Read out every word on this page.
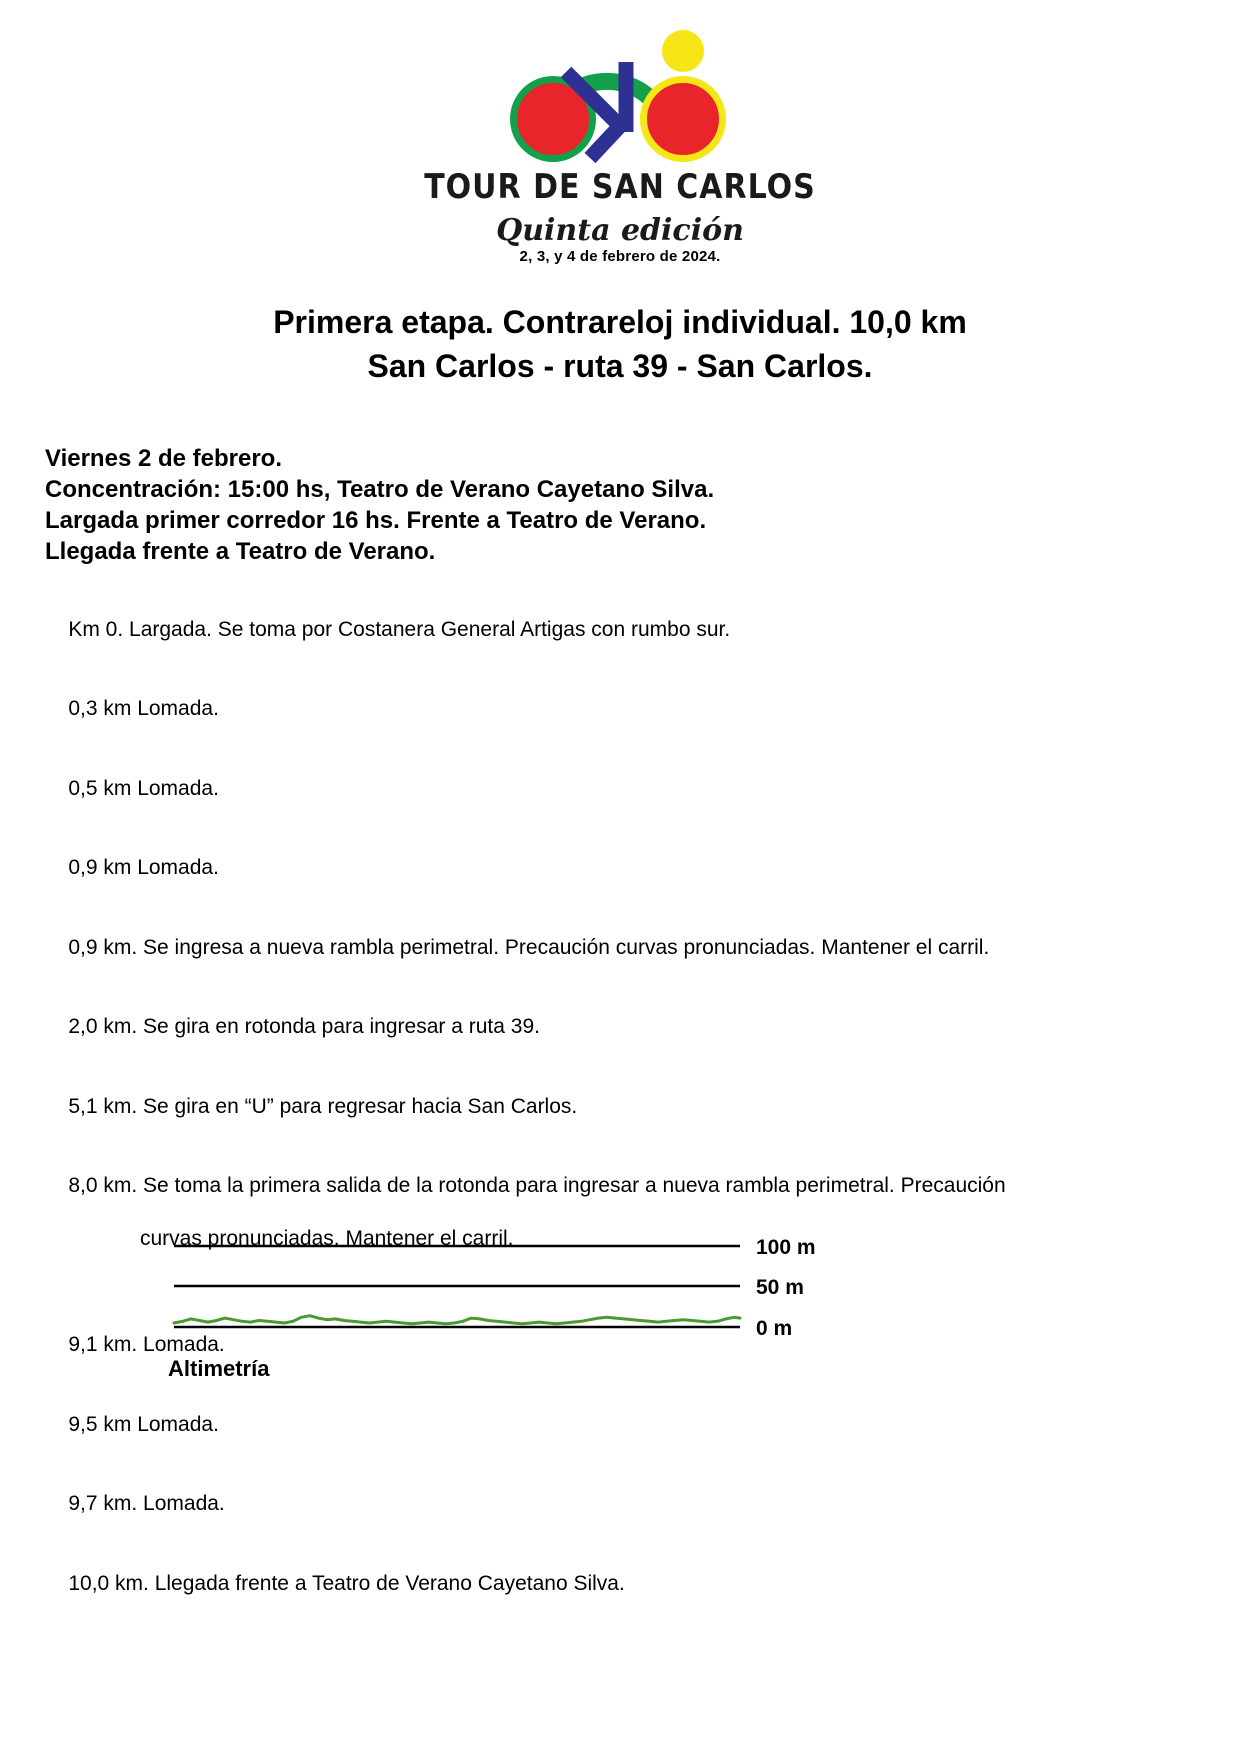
TOUR DE SAN CARLOS
Quinta edición
2, 3, y 4 de febrero de 2024.
Primera etapa. Contrareloj individual. 10,0 km
San Carlos - ruta 39 - San Carlos.
Viernes 2 de febrero.
Concentración: 15:00 hs, Teatro de Verano Cayetano Silva.
Largada primer corredor 16 hs. Frente a Teatro de Verano.
Llegada frente a Teatro de Verano.

Km 0. Largada. Se toma por Costanera General Artigas con rumbo sur.

0,3 km Lomada.

0,5 km Lomada.

0,9 km Lomada.

0,9 km. Se ingresa a nueva rambla perimetral. Precaución curvas pronunciadas. Mantener el carril.

2,0 km. Se gira en rotonda para ingresar a ruta 39.

5,1 km. Se gira en “U” para regresar hacia San Carlos.

8,0 km. Se toma la primera salida de la rotonda para ingresar a nueva rambla perimetral. Precaución

curvas pronunciadas. Mantener el carril.

9,1 km. Lomada.

9,5 km Lomada.

9,7 km. Lomada.

10,0 km. Llegada frente a Teatro de Verano Cayetano Silva.

100 m
50 m
0 m
Altimetría
